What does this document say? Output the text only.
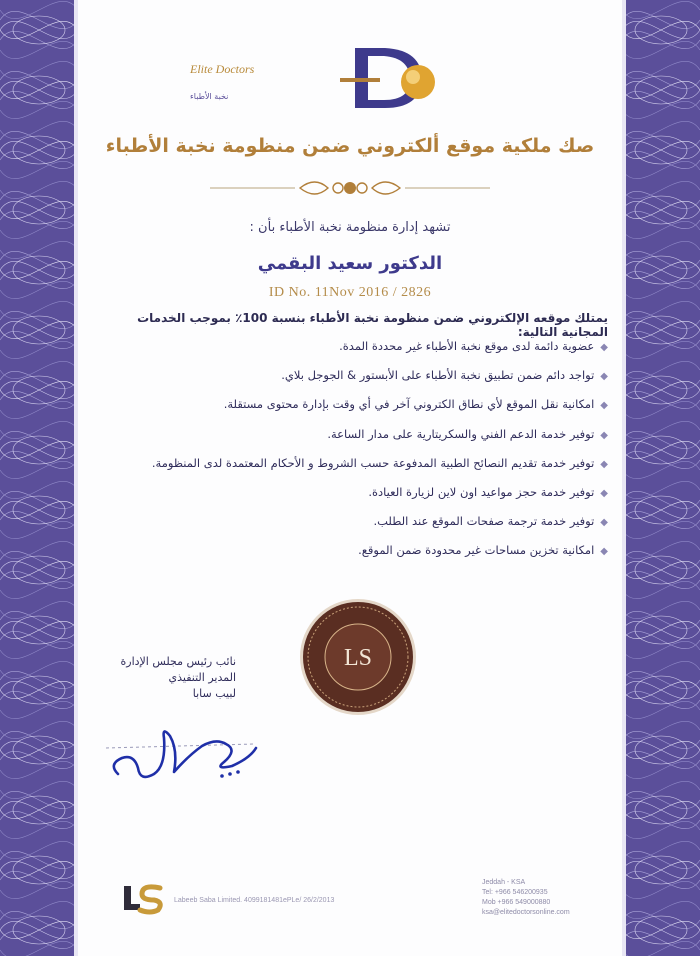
Elite Doctors
نخبة الأطباء
صك ملكية موقع ألكتروني ضمن منظومة نخبة الأطباء
تشهد إدارة منظومة نخبة الأطباء بأن :
الدكتور سعيد البقمي
ID No. 11Nov 2016 / 2826
يمتلك موقعه الإلكتروني ضمن منظومة نخبة الأطباء بنسبة 100٪ بموجب الخدمات المجانية التالية:
◆عضوية دائمة لدى موقع نخبة الأطباء غير محددة المدة.
◆تواجد دائم ضمن تطبيق نخبة الأطباء على الأبستور & الجوجل بلاي.
◆امكانية نقل الموقع لأي نطاق الكتروني آخر في أي وقت بإدارة محتوى مستقلة.
◆توفير خدمة الدعم الفني والسكريتارية على مدار الساعة.
◆توفير خدمة تقديم النصائح الطبية المدفوعة حسب الشروط و الأحكام المعتمدة لدى المنظومة.
◆توفير خدمة حجز مواعيد اون لاين لزيارة العيادة.
◆توفير خدمة ترجمة صفحات الموقع عند الطلب.
◆امكانية تخزين مساحات غير محدودة ضمن الموقع.
LS
نائب رئيس مجلس الإدارة
المدير التنفيذي
لبيب سابا
Labeeb Saba Limited. 4099181481ePLe/ 26/2/2013
Jeddah - KSA
Tel: +966 546200935
Mob +966 549000880
ksa@elitedoctorsonline.com
